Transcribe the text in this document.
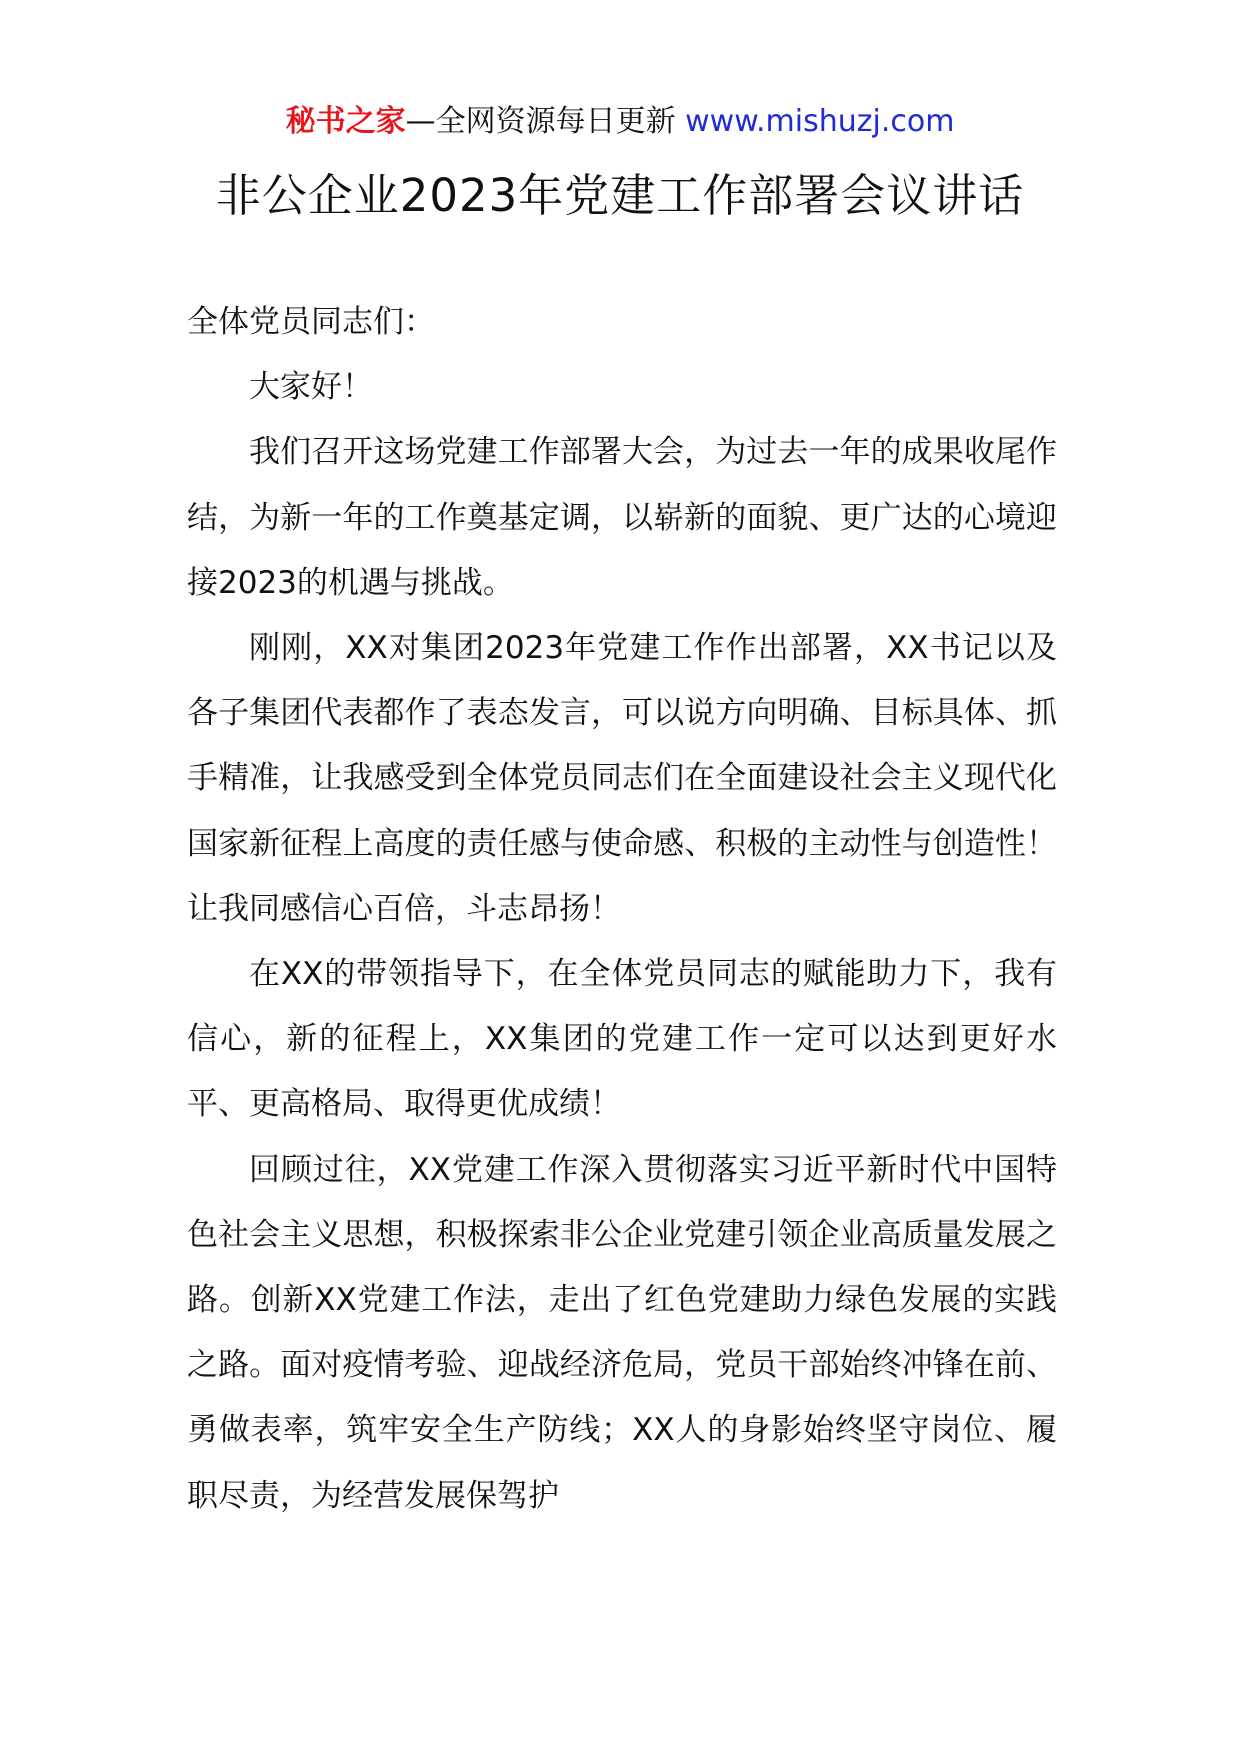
秘书之家—全网资源每日更新 www.mishuzj.com
非公企业2023年党建工作部署会议讲话

全体党员同志们：

大家好！

我们召开这场党建工作部署大会，为过去一年的成果收尾作结，为新一年的工作奠基定调，以崭新的面貌、更广达的心境迎接2023的机遇与挑战。

刚刚，XX对集团2023年党建工作作出部署，XX书记以及各子集团代表都作了表态发言，可以说方向明确、目标具体、抓手精准，让我感受到全体党员同志们在全面建设社会主义现代化国家新征程上高度的责任感与使命感、积极的主动性与创造性！让我同感信心百倍，斗志昂扬！

在XX的带领指导下，在全体党员同志的赋能助力下，我有信心，新的征程上，XX集团的党建工作一定可以达到更好水平、更高格局、取得更优成绩！

回顾过往，XX党建工作深入贯彻落实习近平新时代中国特色社会主义思想，积极探索非公企业党建引领企业高质量发展之路。创新XX党建工作法，走出了红色党建助力绿色发展的实践之路。面对疫情考验、迎战经济危局，党员干部始终冲锋在前、勇做表率，筑牢安全生产防线；XX人的身影始终坚守岗位、履职尽责，为经营发展保驾护
